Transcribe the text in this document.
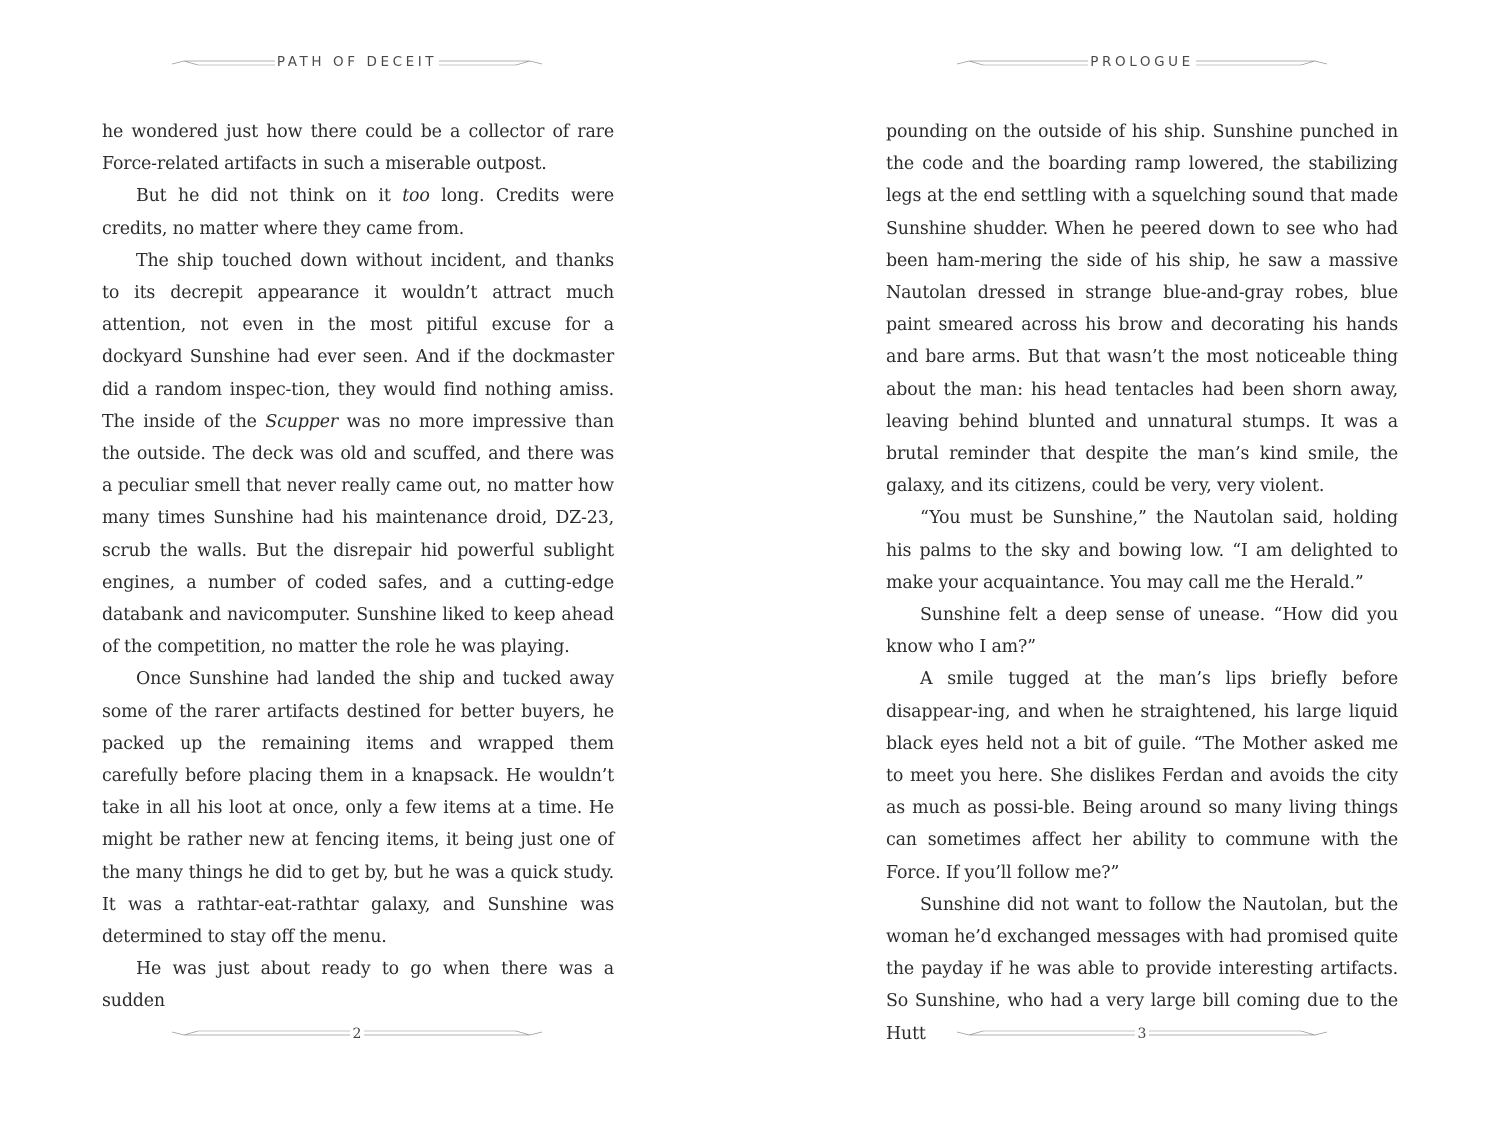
PATH OF DECEIT

he wondered just how there could be a collector of rare Force-related artifacts in such a miserable outpost.

But he did not think on it too long. Credits were credits, no matter where they came from.

The ship touched down without incident, and thanks to its decrepit appearance it wouldn’t attract much attention, not even in the most pitiful excuse for a dockyard Sunshine had ever seen. And if the dockmaster did a random inspec-tion, they would find nothing amiss. The inside of the Scupper was no more impressive than the outside. The deck was old and scuffed, and there was a peculiar smell that never really came out, no matter how many times Sunshine had his maintenance droid, DZ-23, scrub the walls. But the disrepair hid powerful sublight engines, a number of coded safes, and a cutting-edge databank and navicomputer. Sunshine liked to keep ahead of the competition, no matter the role he was playing.

Once Sunshine had landed the ship and tucked away some of the rarer artifacts destined for better buyers, he packed up the remaining items and wrapped them carefully before placing them in a knapsack. He wouldn’t take in all his loot at once, only a few items at a time. He might be rather new at fencing items, it being just one of the many things he did to get by, but he was a quick study. It was a rathtar-eat-rathtar galaxy, and Sunshine was determined to stay off the menu.

He was just about ready to go when there was a sudden

2
PROLOGUE

pounding on the outside of his ship. Sunshine punched in the code and the boarding ramp lowered, the stabilizing legs at the end settling with a squelching sound that made Sunshine shudder. When he peered down to see who had been ham-mering the side of his ship, he saw a massive Nautolan dressed in strange blue-and-gray robes, blue paint smeared across his brow and decorating his hands and bare arms. But that wasn’t the most noticeable thing about the man: his head tentacles had been shorn away, leaving behind blunted and unnatural stumps. It was a brutal reminder that despite the man’s kind smile, the galaxy, and its citizens, could be very, very violent.

“You must be Sunshine,” the Nautolan said, holding his palms to the sky and bowing low. “I am delighted to make your acquaintance. You may call me the Herald.”

Sunshine felt a deep sense of unease. “How did you know who I am?”

A smile tugged at the man’s lips briefly before disappear-ing, and when he straightened, his large liquid black eyes held not a bit of guile. “The Mother asked me to meet you here. She dislikes Ferdan and avoids the city as much as possi-ble. Being around so many living things can sometimes affect her ability to commune with the Force. If you’ll follow me?”

Sunshine did not want to follow the Nautolan, but the woman he’d exchanged messages with had promised quite the payday if he was able to provide interesting artifacts. So Sunshine, who had a very large bill coming due to the Hutt	3
